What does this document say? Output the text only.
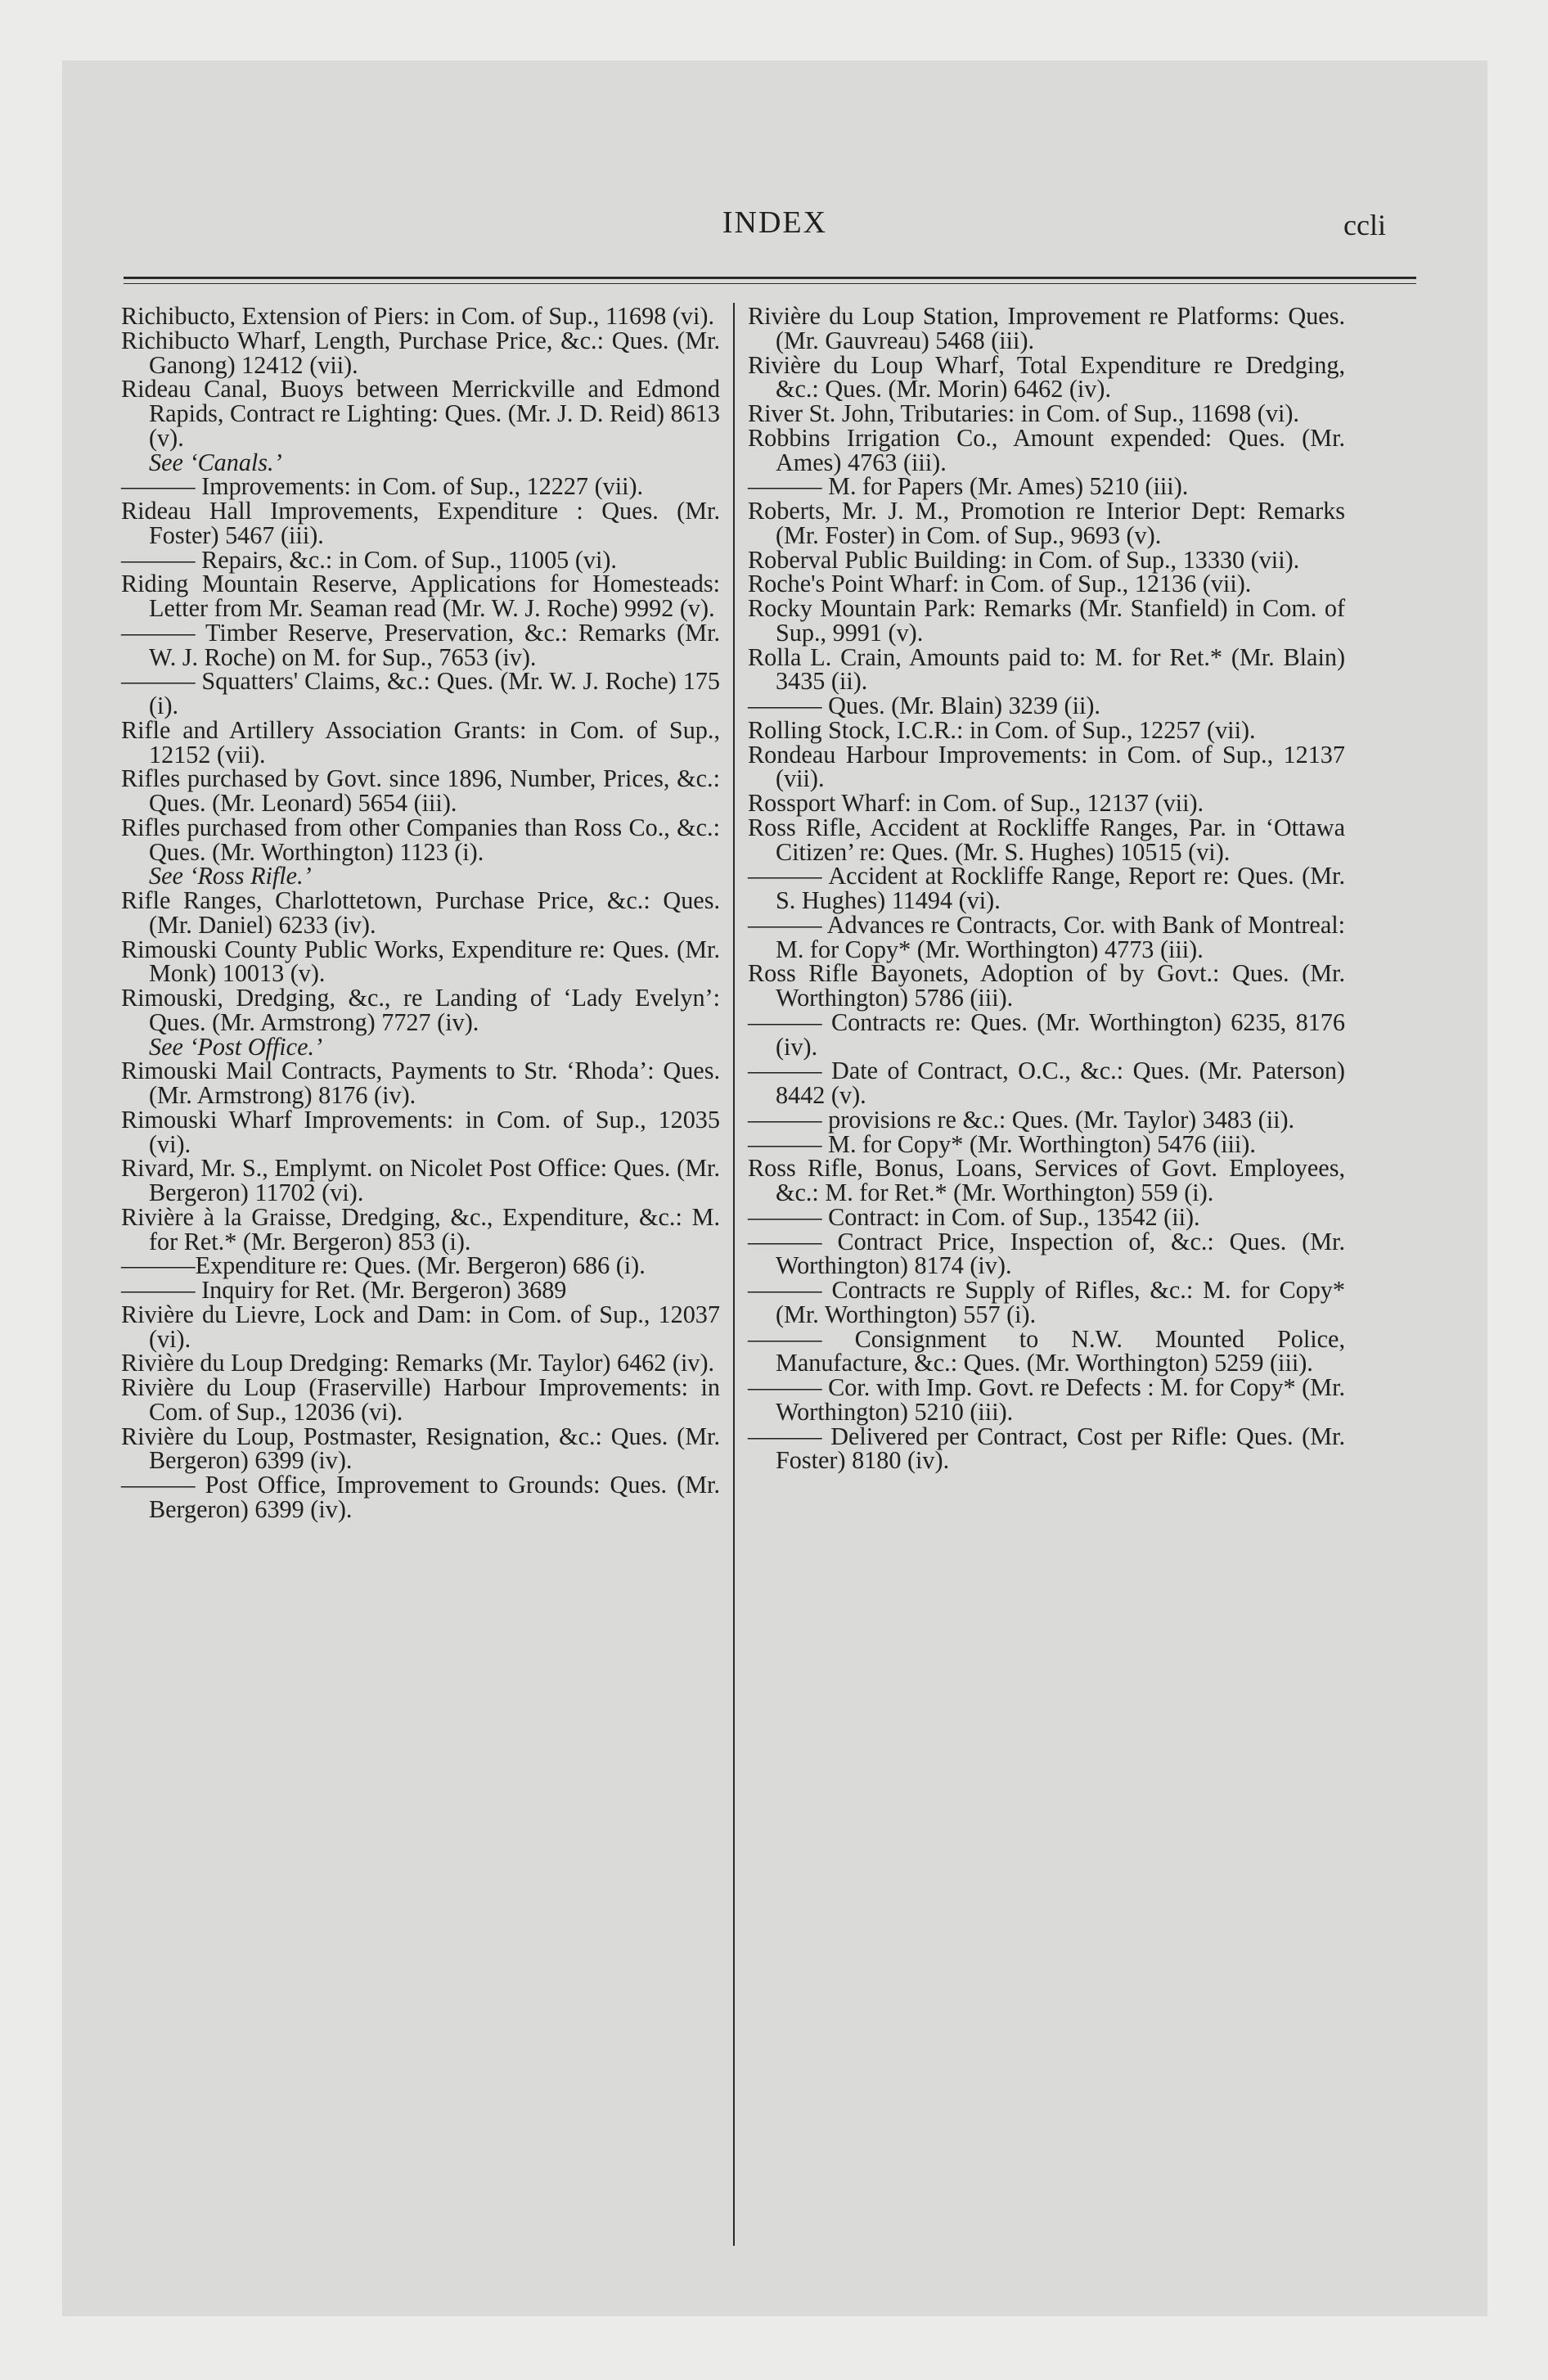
INDEX	ccli
Richibucto, Extension of Piers: in Com. of Sup., 11698 (vi).
Richibucto Wharf, Length, Purchase Price, &c.: Ques. (Mr. Ganong) 12412 (vii).
Rideau Canal, Buoys between Merrickville and Edmond Rapids, Contract re Lighting: Ques. (Mr. J. D. Reid) 8613 (v).
See ‘Canals.’
——— Improvements: in Com. of Sup., 12227 (vii).
Rideau Hall Improvements, Expenditure : Ques. (Mr. Foster) 5467 (iii).
——— Repairs, &c.: in Com. of Sup., 11005 (vi).
Riding Mountain Reserve, Applications for Homesteads: Letter from Mr. Seaman read (Mr. W. J. Roche) 9992 (v).
——— Timber Reserve, Preservation, &c.: Remarks (Mr. W. J. Roche) on M. for Sup., 7653 (iv).
——— Squatters' Claims, &c.: Ques. (Mr. W. J. Roche) 175 (i).
Rifle and Artillery Association Grants: in Com. of Sup., 12152 (vii).
Rifles purchased by Govt. since 1896, Number, Prices, &c.: Ques. (Mr. Leonard) 5654 (iii).
Rifles purchased from other Companies than Ross Co., &c.: Ques. (Mr. Worthington) 1123 (i).
See ‘Ross Rifle.’
Rifle Ranges, Charlottetown, Purchase Price, &c.: Ques. (Mr. Daniel) 6233 (iv).
Rimouski County Public Works, Expenditure re: Ques. (Mr. Monk) 10013 (v).
Rimouski, Dredging, &c., re Landing of ‘Lady Evelyn’: Ques. (Mr. Armstrong) 7727 (iv).
See ‘Post Office.’
Rimouski Mail Contracts, Payments to Str. ‘Rhoda’: Ques. (Mr. Armstrong) 8176 (iv).
Rimouski Wharf Improvements: in Com. of Sup., 12035 (vi).
Rivard, Mr. S., Emplymt. on Nicolet Post Office: Ques. (Mr. Bergeron) 11702 (vi).
Rivière à la Graisse, Dredging, &c., Expenditure, &c.: M. for Ret.* (Mr. Bergeron) 853 (i).
———Expenditure re: Ques. (Mr. Bergeron) 686 (i).
——— Inquiry for Ret. (Mr. Bergeron) 3689
Rivière du Lievre, Lock and Dam: in Com. of Sup., 12037 (vi).
Rivière du Loup Dredging: Remarks (Mr. Taylor) 6462 (iv).
Rivière du Loup (Fraserville) Harbour Improvements: in Com. of Sup., 12036 (vi).
Rivière du Loup, Postmaster, Resignation, &c.: Ques. (Mr. Bergeron) 6399 (iv).
——— Post Office, Improvement to Grounds: Ques. (Mr. Bergeron) 6399 (iv).
Rivière du Loup Station, Improvement re Platforms: Ques. (Mr. Gauvreau) 5468 (iii).
Rivière du Loup Wharf, Total Expenditure re Dredging, &c.: Ques. (Mr. Morin) 6462 (iv).
River St. John, Tributaries: in Com. of Sup., 11698 (vi).
Robbins Irrigation Co., Amount expended: Ques. (Mr. Ames) 4763 (iii).
——— M. for Papers (Mr. Ames) 5210 (iii).
Roberts, Mr. J. M., Promotion re Interior Dept: Remarks (Mr. Foster) in Com. of Sup., 9693 (v).
Roberval Public Building: in Com. of Sup., 13330 (vii).
Roche's Point Wharf: in Com. of Sup., 12136 (vii).
Rocky Mountain Park: Remarks (Mr. Stanfield) in Com. of Sup., 9991 (v).
Rolla L. Crain, Amounts paid to: M. for Ret.* (Mr. Blain) 3435 (ii).
——— Ques. (Mr. Blain) 3239 (ii).
Rolling Stock, I.C.R.: in Com. of Sup., 12257 (vii).
Rondeau Harbour Improvements: in Com. of Sup., 12137 (vii).
Rossport Wharf: in Com. of Sup., 12137 (vii).
Ross Rifle, Accident at Rockliffe Ranges, Par. in ‘Ottawa Citizen’ re: Ques. (Mr. S. Hughes) 10515 (vi).
——— Accident at Rockliffe Range, Report re: Ques. (Mr. S. Hughes) 11494 (vi).
——— Advances re Contracts, Cor. with Bank of Montreal: M. for Copy* (Mr. Worthington) 4773 (iii).
Ross Rifle Bayonets, Adoption of by Govt.: Ques. (Mr. Worthington) 5786 (iii).
——— Contracts re: Ques. (Mr. Worthington) 6235, 8176 (iv).
——— Date of Contract, O.C., &c.: Ques. (Mr. Paterson) 8442 (v).
——— provisions re &c.: Ques. (Mr. Taylor) 3483 (ii).
——— M. for Copy* (Mr. Worthington) 5476 (iii).
Ross Rifle, Bonus, Loans, Services of Govt. Employees, &c.: M. for Ret.* (Mr. Worthington) 559 (i).
——— Contract: in Com. of Sup., 13542 (ii).
——— Contract Price, Inspection of, &c.: Ques. (Mr. Worthington) 8174 (iv).
——— Contracts re Supply of Rifles, &c.: M. for Copy* (Mr. Worthington) 557 (i).
——— Consignment to N.W. Mounted Police, Manufacture, &c.: Ques. (Mr. Worthington) 5259 (iii).
——— Cor. with Imp. Govt. re Defects : M. for Copy* (Mr. Worthington) 5210 (iii).
——— Delivered per Contract, Cost per Rifle: Ques. (Mr. Foster) 8180 (iv).
